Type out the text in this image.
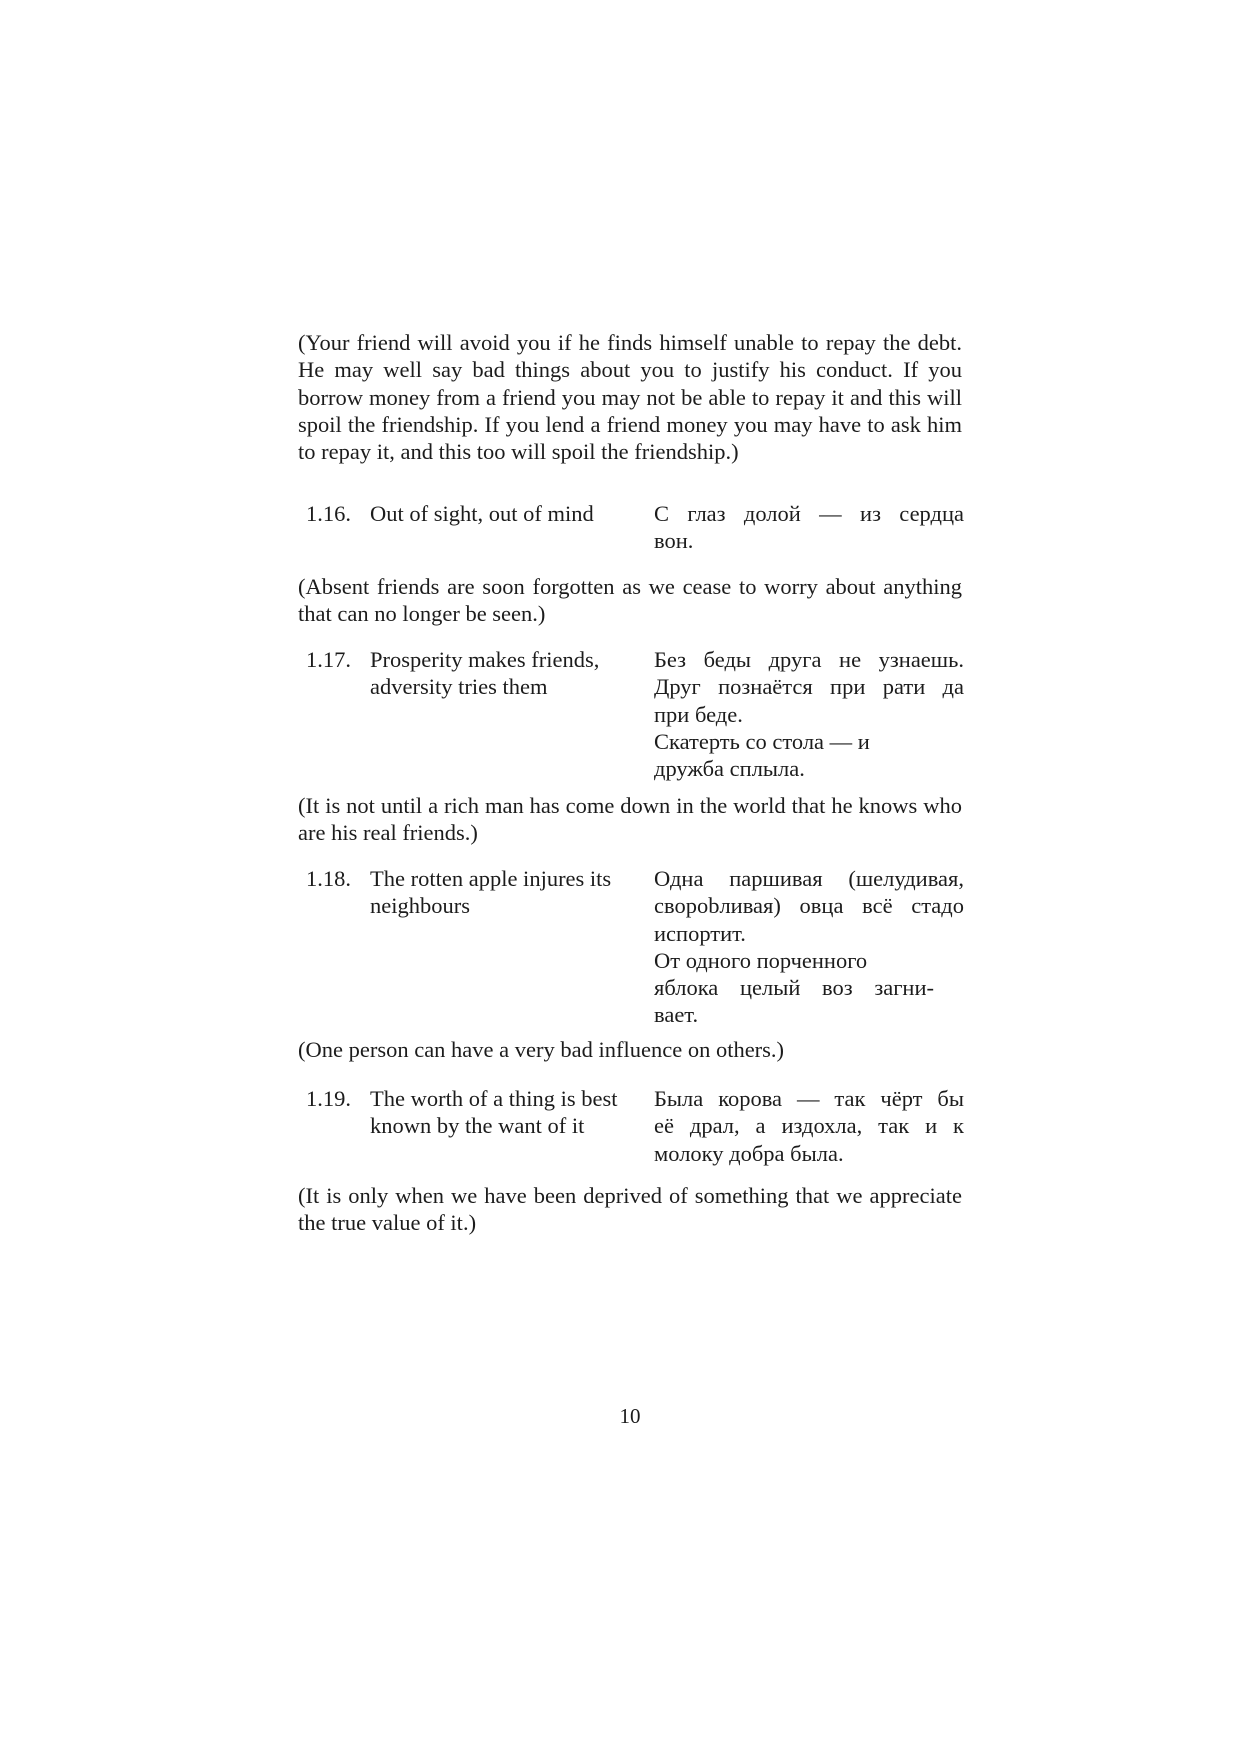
(Your friend will avoid you if he finds himself unable to repay the debt. He may well say bad things about you to justify his conduct. If you borrow money from a friend you may not be able to repay it and this will spoil the friendship. If you lend a friend money you may have to ask him to repay it, and this too will spoil the friendship.)

1.16. Out of sight, out of mind	С глаз долой — из сердца
вон.

(Absent friends are soon forgotten as we cease to worry about anything that can no longer be seen.)

1.17. Prosperity makes friends, adversity tries them
Без беды друга не узнаешь.
Друг познаётся при рати да
при беде.
Скатерть со стола — и
дружба сплыла.

(It is not until a rich man has come down in the world that he knows who are his real friends.)

1.18. The rotten apple injures its neighbours
Одна паршивая (шелудивая,
сворobливая) овца всё стадо
испортит.
От одного порченного
яблока целый воз загни-
вает.

(One person can have a very bad influence on others.)

1.19. The worth of a thing is best known by the want of it
Была корова — так чёрт бы
её драл, а издохла, так и к
молоку добра была.

(It is only when we have been deprived of something that we appreciate the true value of it.)

10
